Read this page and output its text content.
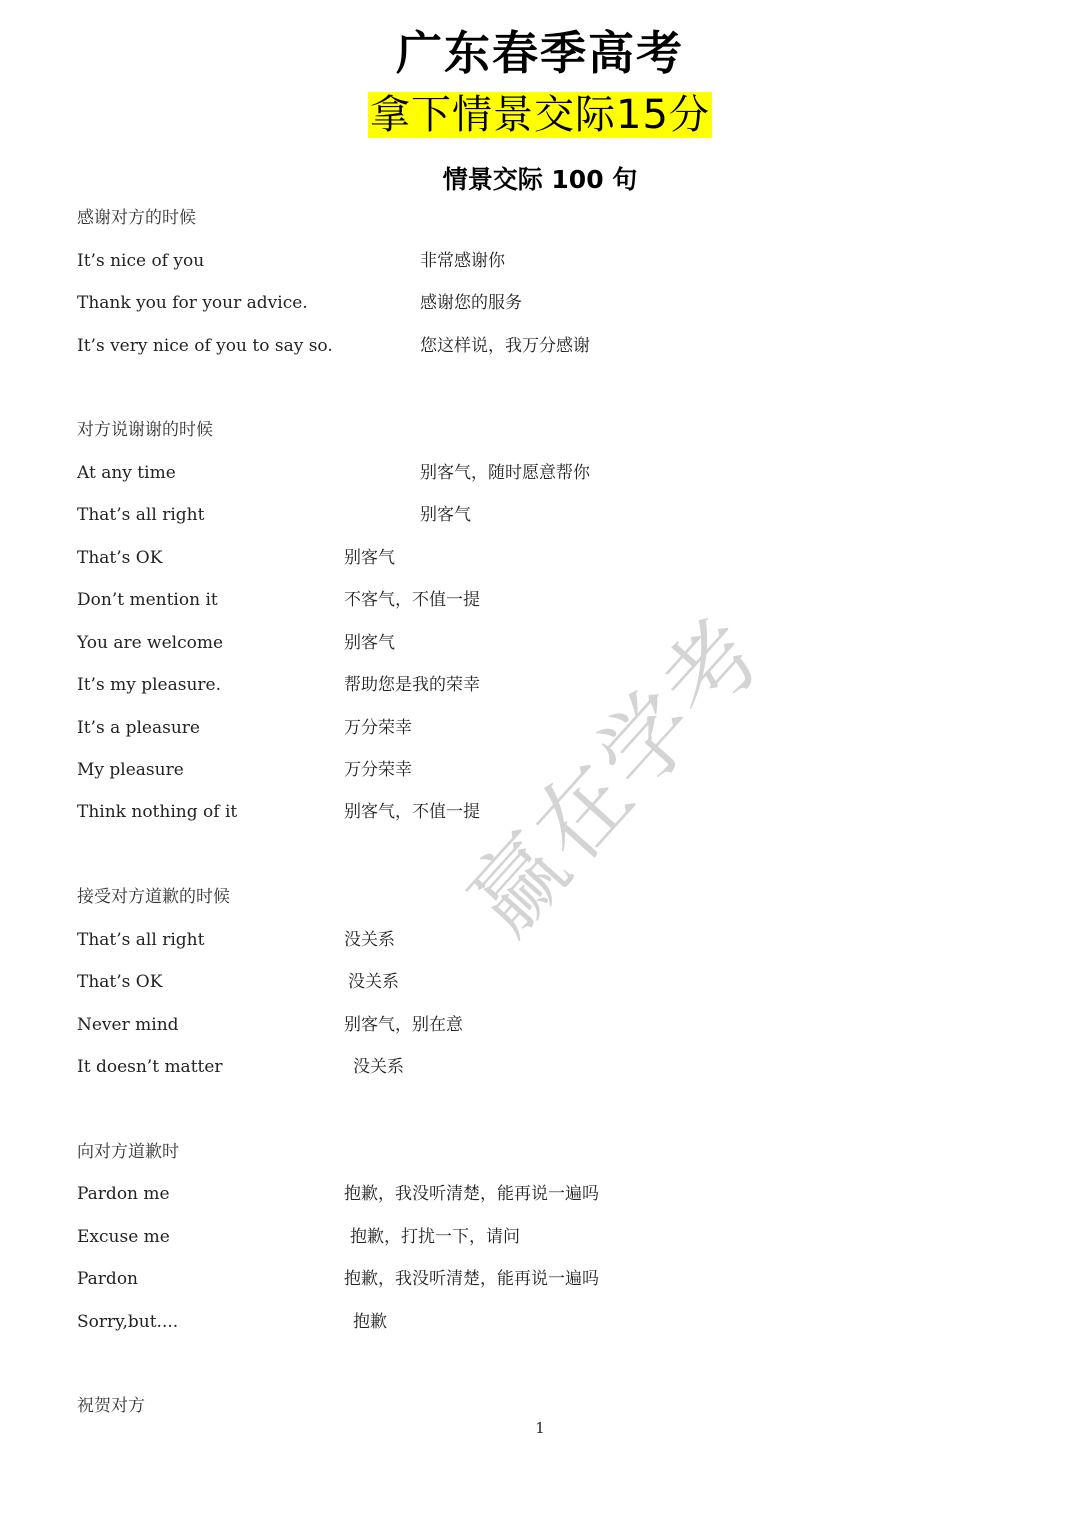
广东春季高考
拿下情景交际15分
情景交际 100 句
感谢对方的时候
It’s nice of you	非常感谢你
Thank you for your advice.	感谢您的服务
It’s very nice of you to say so.	您这样说，我万分感谢
对方说谢谢的时候
At any time	别客气，随时愿意帮你
That’s all right	别客气
That’s OK	别客气
Don’t mention it	不客气，不值一提
You are welcome	别客气
It’s my pleasure.	帮助您是我的荣幸
It’s a pleasure	万分荣幸
My pleasure	万分荣幸
Think nothing of it	别客气，不值一提
接受对方道歉的时候
That’s all right	没关系
That’s OK	没关系
Never mind	别客气，别在意
It doesn’t matter	没关系
向对方道歉时
Pardon me	抱歉，我没听清楚，能再说一遍吗
Excuse me	抱歉，打扰一下，请问
Pardon	抱歉，我没听清楚，能再说一遍吗
Sorry,but....	抱歉
祝贺对方
赢在学考
1
